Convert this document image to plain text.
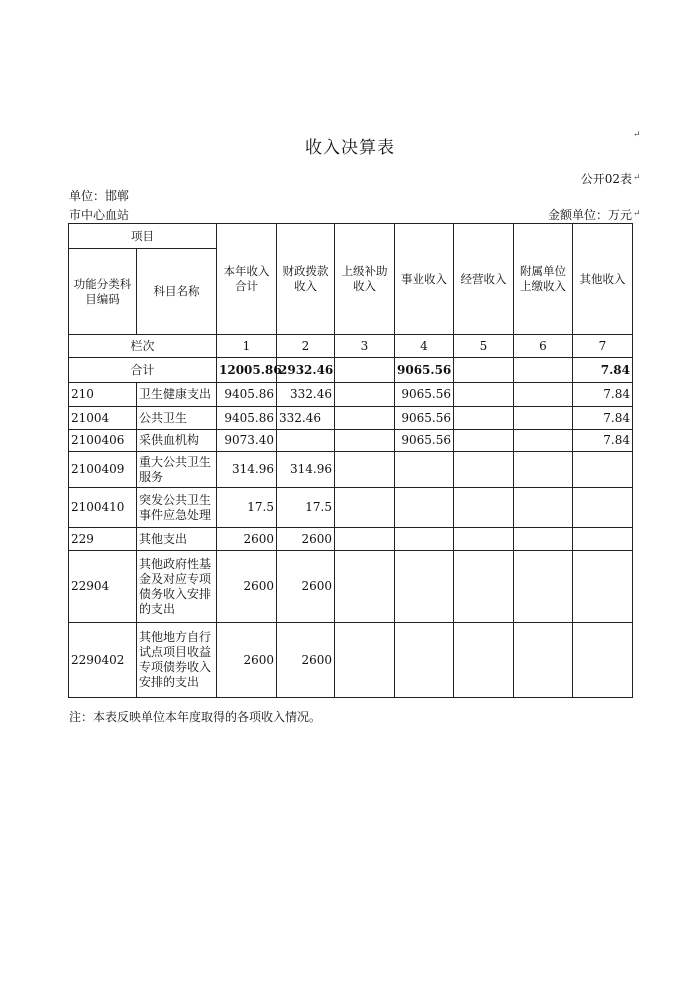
收入决算表
公开02表
单位：邯郸
市中心血站	金额单位：万元
↵
↵
↵
项目		本年收入合计	财政拨款收入	上级补助收入	事业收入	经营收入	附属单位上缴收入	其他收入
功能分类科目编码	科目名称							
栏次		1	2	3	4	5	6	7
合计		12005.86	2932.46		9065.56			7.84
210	卫生健康支出	9405.86	332.46		9065.56			7.84
21004	公共卫生	9405.86	332.46		9065.56			7.84
2100406	采供血机构	9073.40			9065.56			7.84
2100409	重大公共卫生服务	314.96	314.96					
2100410	突发公共卫生事件应急处理	17.5	17.5					
229	其他支出	2600	2600					
22904	其他政府性基金及对应专项债务收入安排的支出	2600	2600					
2290402	其他地方自行试点项目收益专项债券收入安排的支出	2600	2600					
注：本表反映单位本年度取得的各项收入情况。
